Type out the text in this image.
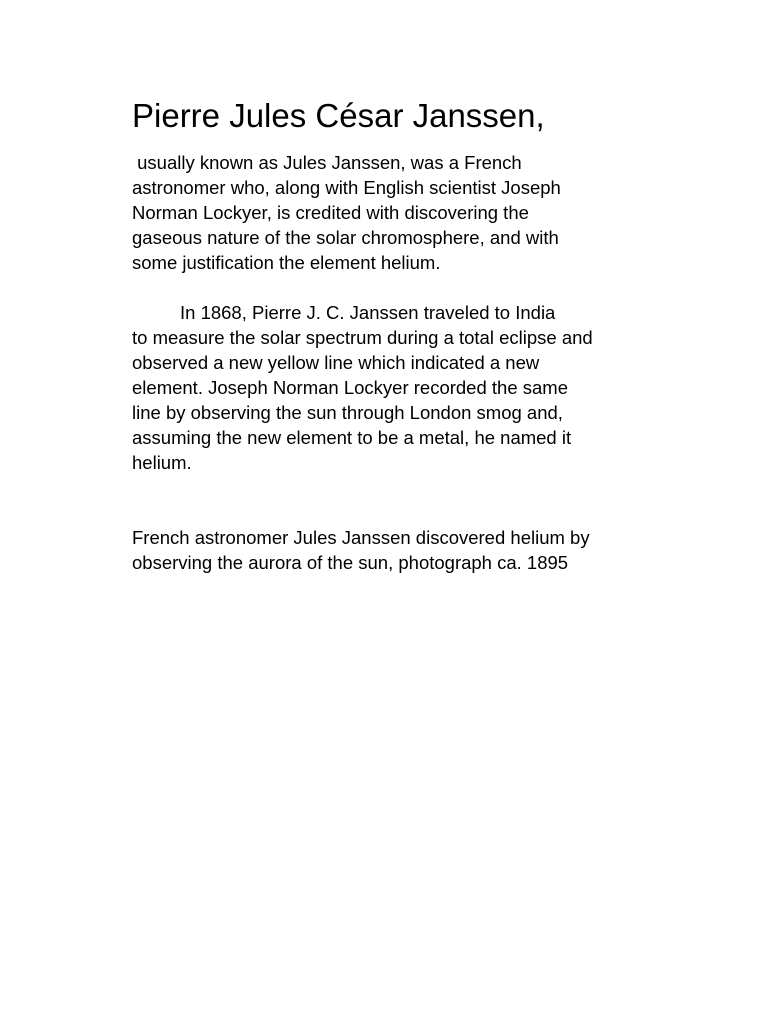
Pierre Jules César Janssen,

usually known as Jules Janssen, was a French
astronomer who, along with English scientist Joseph
Norman Lockyer, is credited with discovering the
gaseous nature of the solar chromosphere, and with
some justification the element helium.

In 1868, Pierre J. C. Janssen traveled to India
to measure the solar spectrum during a total eclipse and
observed a new yellow line which indicated a new
element. Joseph Norman Lockyer recorded the same
line by observing the sun through London smog and,
assuming the new element to be a metal, he named it
helium.

French astronomer Jules Janssen discovered helium by
observing the aurora of the sun, photograph ca. 1895
